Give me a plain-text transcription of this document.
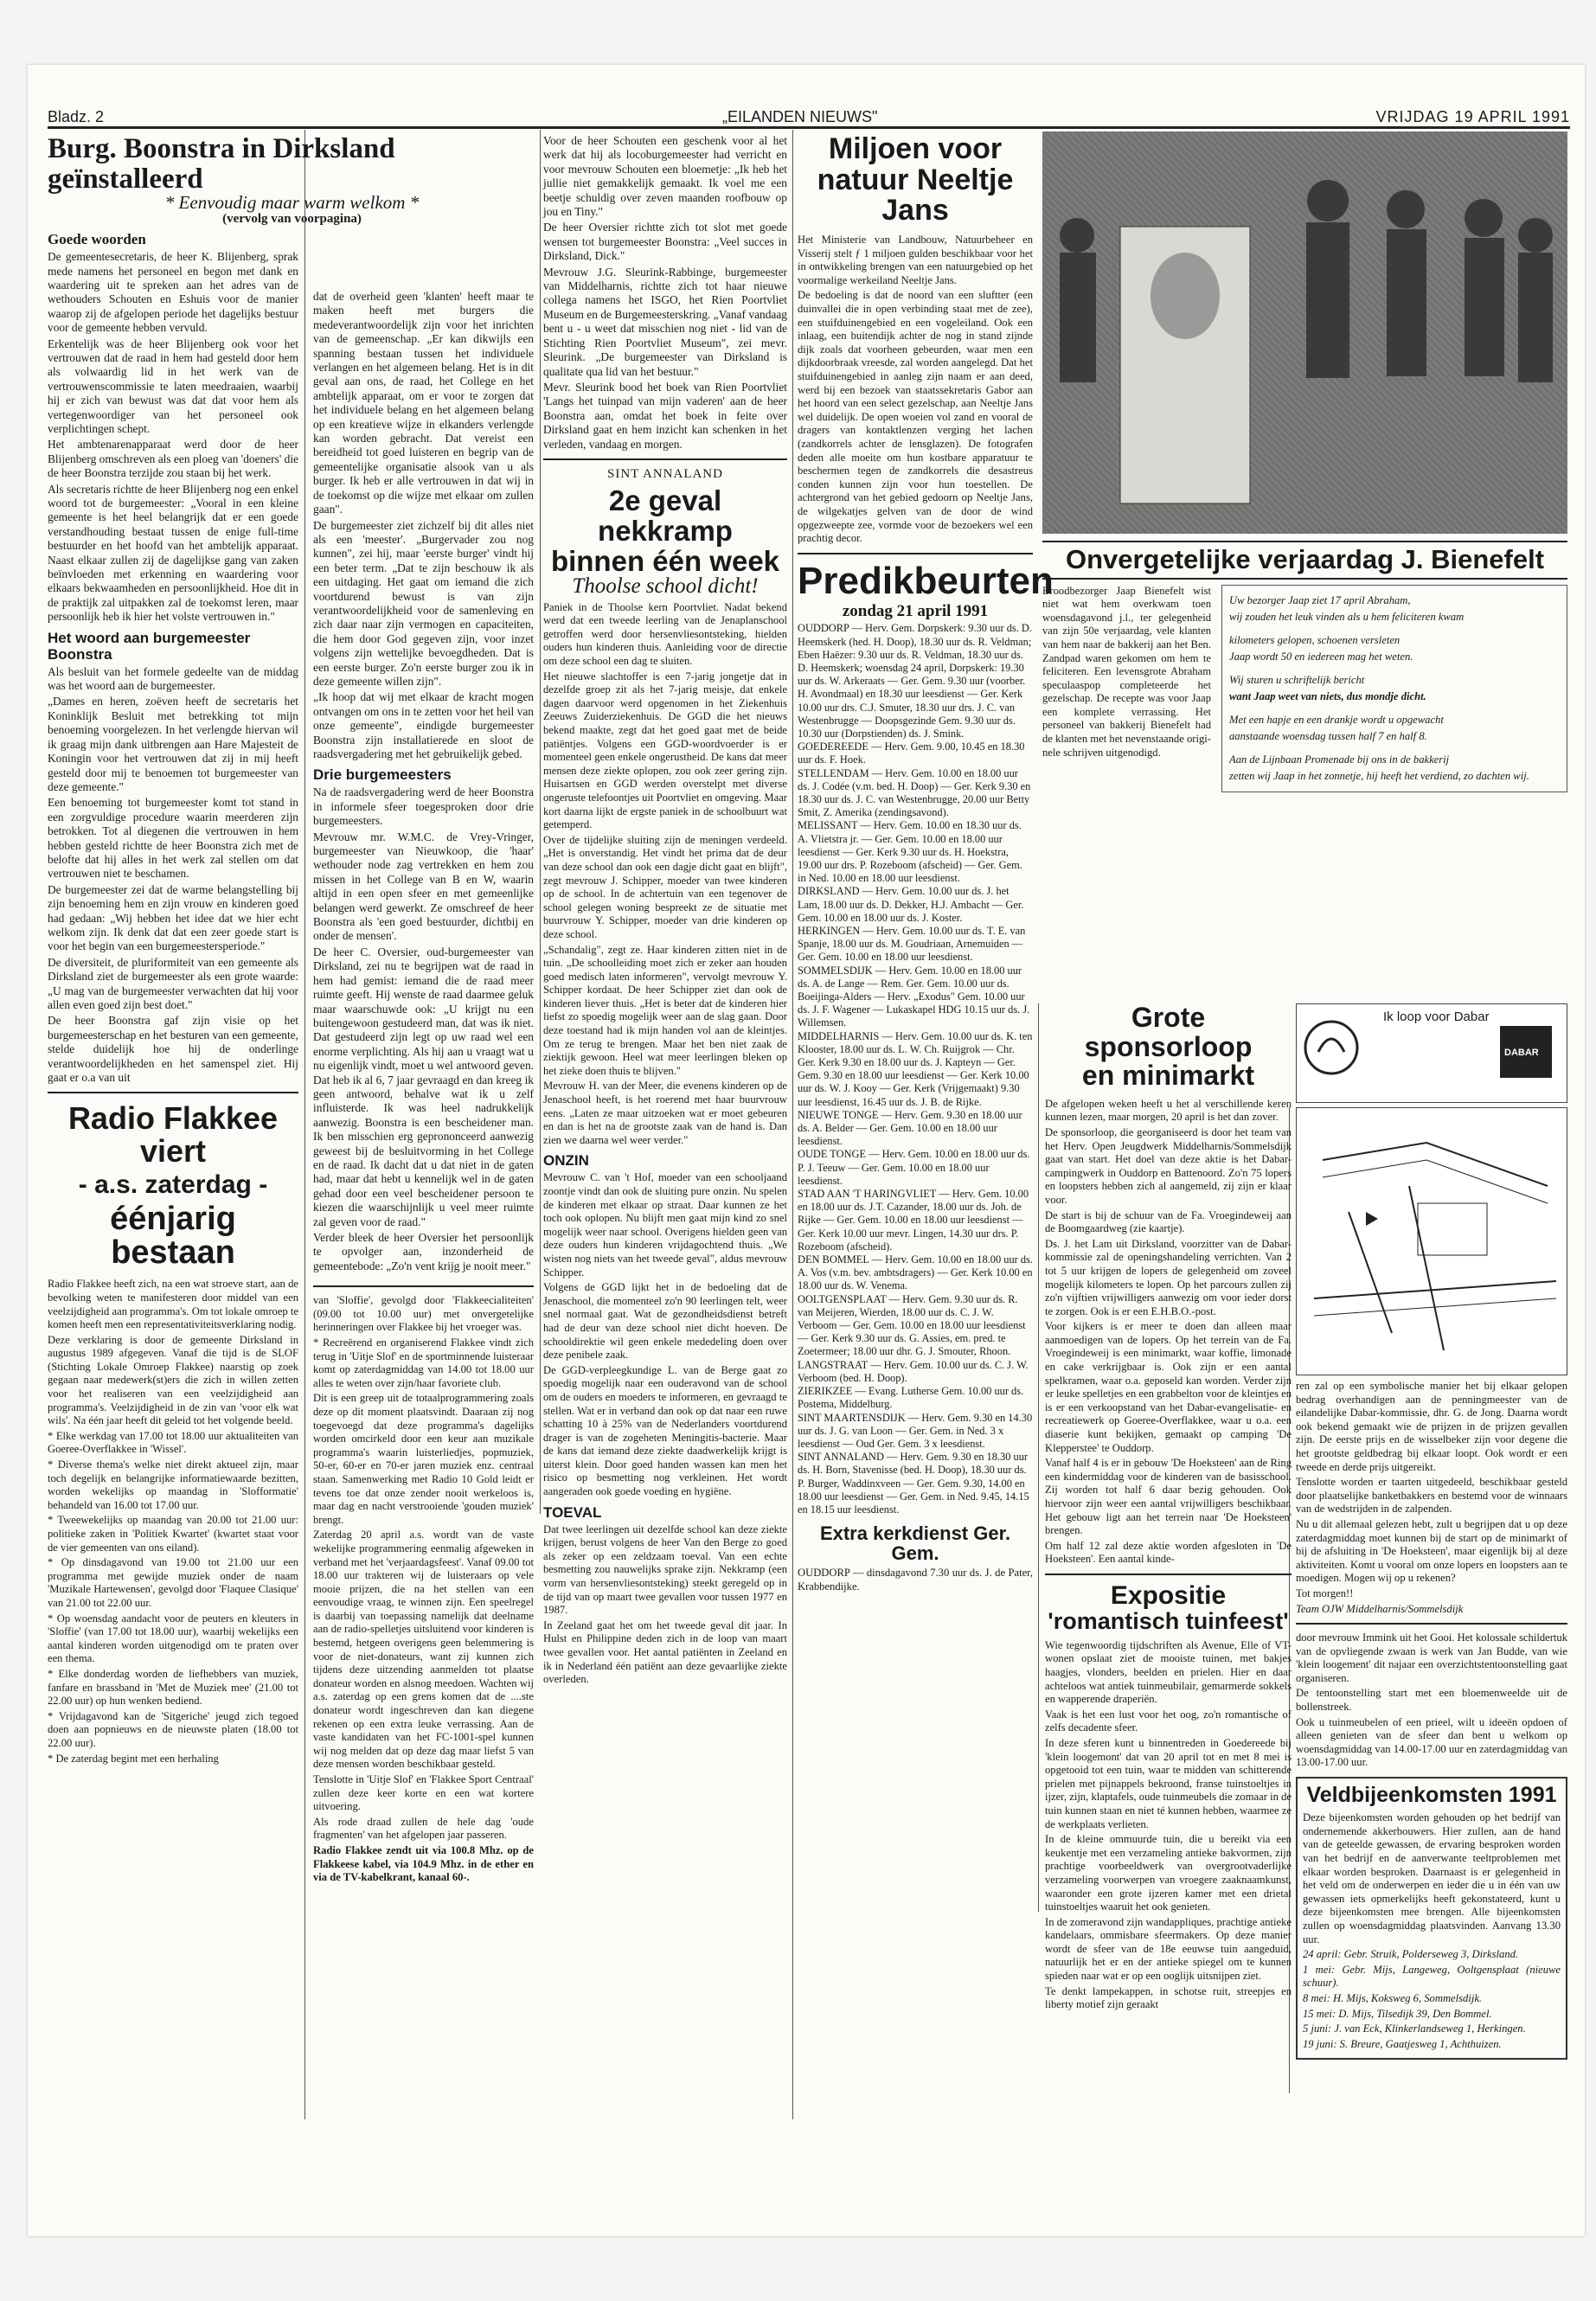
Bladz. 2	„EILANDEN NIEUWS"	VRIJDAG 19 APRIL 1991
Burg. Boonstra in Dirksland geïnstalleerd
* Eenvoudig maar warm welkom *
(vervolg van voorpagina)
Goede woorden

De gemeentesecretaris, de heer K. Blijenberg, sprak mede namens het personeel en begon met dank en waardering uit te spreken aan het adres van de wethouders Schouten en Eshuis voor de manier waarop zij de afgelopen periode het dagelijks bestuur voor de gemeente hebben vervuld.

Erkentelijk was de heer Blijenberg ook voor het vertrouwen dat de raad in hem had gesteld door hem als volwaardig lid in het werk van de vertrouwenscommissie te laten meedraaien, waarbij hij er zich van bewust was dat dat voor hem als vertegenwoordiger van het personeel ook verplichtingen schept.

Het ambtenarenapparaat werd door de heer Blijenberg omschreven als een ploeg van 'doeners' die de heer Boonstra terzijde zou staan bij het werk.

Als secretaris richtte de heer Blijenberg nog een enkel woord tot de burgemeester: „Vooral in een kleine gemeente is het heel belangrijk dat er een goede verstandhouding bestaat tussen de enige full-time bestuurder en het hoofd van het ambtelijk apparaat. Naast elkaar zullen zij de dagelijkse gang van zaken beïnvloeden met erkenning en waardering voor elkaars bekwaamheden en persoonlijkheid. Hoe dit in de praktijk zal uitpakken zal de toekomst leren, maar persoonlijk heb ik hier het volste vertrouwen in."

Het woord aan burgemeester Boonstra

Als besluit van het formele gedeelte van de middag was het woord aan de burgemeester.

„Dames en heren, zoëven heeft de secretaris het Koninklijk Besluit met betrekking tot mijn benoeming voorgelezen. In het verlengde hiervan wil ik graag mijn dank uitbrengen aan Hare Majesteit de Koningin voor het vertrouwen dat zij in mij heeft gesteld door mij te benoemen tot burgemeester van deze gemeente."

Een benoeming tot burgemeester komt tot stand in een zorgvuldige procedure waarin meerderen zijn betrokken. Tot al diegenen die vertrouwen in hem hebben gesteld richtte de heer Boonstra zich met de belofte dat hij alles in het werk zal stellen om dat vertrouwen niet te beschamen.

De burgemeester zei dat de warme belangstelling bij zijn benoeming hem en zijn vrouw en kinderen goed had gedaan: „Wij hebben het idee dat we hier echt welkom zijn. Ik denk dat dat een zeer goede start is voor het begin van een burgemeestersperiode."

De diversiteit, de pluriformiteit van een gemeente als Dirksland ziet de burgemeester als een grote waarde: „U mag van de burgemeester verwachten dat hij voor allen even goed zijn best doet."

De heer Boonstra gaf zijn visie op het burgemeesterschap en het besturen van een gemeente, stelde duidelijk hoe hij de onderlinge verantwoordelijkheden en het samenspel ziet. Hij gaat er o.a van uit

Radio Flakkee viert
- a.s. zaterdag -
éénjarig bestaan

Radio Flakkee heeft zich, na een wat stroeve start, aan de bevolking weten te manifesteren door middel van een veelzijdigheid aan programma's. Om tot lokale omroep te komen heeft men een representativiteitsverklaring nodig.

Deze verklaring is door de gemeente Dirksland in augustus 1989 afgegeven. Vanaf die tijd is de SLOF (Stichting Lokale Omroep Flakkee) naarstig op zoek gegaan naar medewerk(st)ers die zich in willen zetten voor het realiseren van een veelzijdigheid aan programma's. Veelzijdigheid in de zin van 'voor elk wat wils'. Na één jaar heeft dit geleid tot het volgende beeld.

* Elke werkdag van 17.00 tot 18.00 uur aktualiteiten van Goeree-Overflakkee in 'Wissel'.

* Diverse thema's welke niet direkt aktueel zijn, maar toch degelijk en belangrijke informatiewaarde bezitten, worden wekelijks op maandag in 'Slofformatie' behandeld van 16.00 tot 17.00 uur.

* Tweewekelijks op maandag van 20.00 tot 21.00 uur: politieke zaken in 'Politiek Kwartet' (kwartet staat voor de vier gemeenten van ons eiland).

* Op dinsdagavond van 19.00 tot 21.00 uur een programma met gewijde muziek onder de naam 'Muzikale Hartewensen', gevolgd door 'Flaquee Clasique' van 21.00 tot 22.00 uur.

* Op woensdag aandacht voor de peuters en kleuters in 'Sloffie' (van 17.00 tot 18.00 uur), waarbij wekelijks een aantal kinderen worden uitgenodigd om te praten over een thema.

* Elke donderdag worden de liefhebbers van muziek, fanfare en brassband in 'Met de Muziek mee' (21.00 tot 22.00 uur) op hun wenken bediend.

* Vrijdagavond kan de 'Sitgeriche' jeugd zich tegoed doen aan popnieuws en de nieuwste platen (18.00 tot 22.00 uur).

* De zaterdag begint met een herhaling

dat de overheid geen 'klanten' heeft maar te maken heeft met burgers die medeverantwoordelijk zijn voor het inrichten van de gemeenschap. „Er kan dikwijls een spanning bestaan tussen het individuele verlangen en het algemeen belang. Het is in dit geval aan ons, de raad, het College en het ambtelijk apparaat, om er voor te zorgen dat het individuele belang en het algemeen belang op een kreatieve wijze in elkanders verlengde kan worden gebracht. Dat vereist een bereidheid tot goed luisteren en begrip van de gemeentelijke organisatie alsook van u als burger. Ik heb er alle vertrouwen in dat wij in de toekomst op die wijze met elkaar om zullen gaan".

De burgemeester ziet zichzelf bij dit alles niet als een 'meester'. „Burgervader zou nog kunnen", zei hij, maar 'eerste burger' vindt hij een beter term. „Dat te zijn beschouw ik als een uitdaging. Het gaat om iemand die zich voortdurend bewust is van zijn verantwoordelijkheid voor de samenleving en zich daar naar zijn vermogen en capaciteiten, die hem door God gegeven zijn, voor inzet volgens zijn wettelijke bevoegdheden. Dat is een eerste burger. Zo'n eerste burger zou ik in deze gemeente willen zijn".

„Ik hoop dat wij met elkaar de kracht mogen ontvangen om ons in te zetten voor het heil van onze gemeente", eindigde burgemeester Boonstra zijn installatierede en sloot de raadsvergadering met het gebruikelijk gebed.

Drie burgemeesters

Na de raadsvergadering werd de heer Boonstra in informele sfeer toegesproken door drie burgemeesters.

Mevrouw mr. W.M.C. de Vrey-Vringer, burgemeester van Nieuwkoop, die 'haar' wethouder node zag vertrekken en hem zou missen in het College van B en W, waarin altijd in een open sfeer en met gemeenlijke belangen werd gewerkt. Ze omschreef de heer Boonstra als 'een goed bestuurder, dichtbij en onder de mensen'.

De heer C. Oversier, oud-burgemeester van Dirksland, zei nu te begrijpen wat de raad in hem had gemist: iemand die de raad meer ruimte geeft. Hij wenste de raad daarmee geluk maar waarschuwde ook: „U krijgt nu een buitengewoon gestudeerd man, dat was ik niet. Dat gestudeerd zijn legt op uw raad wel een enorme verplichting. Als hij aan u vraagt wat u nu eigenlijk vindt, moet u wel antwoord geven. Dat heb ik al 6, 7 jaar gevraagd en dan kreeg ik geen antwoord, behalve wat ik u zelf influisterde. Ik was heel nadrukkelijk aanwezig. Boonstra is een bescheidener man. Ik ben misschien erg geprononceerd aanwezig geweest bij de besluitvorming in het College en de raad. Ik dacht dat u dat niet in de gaten had, maar dat hebt u kennelijk wel in de gaten gehad door een veel bescheidener persoon te kiezen die waarschijnlijk u veel meer ruimte zal geven voor de raad."

Verder bleek de heer Oversier het persoonlijk te opvolger aan, inzonderheid de gemeentebode: „Zo'n vent krijg je nooit meer."

van 'Sloffie', gevolgd door 'Flakkeecialiteiten' (09.00 tot 10.00 uur) met onvergetelijke herinneringen over Flakkee bij het vroeger was.

* Recreërend en organiserend Flakkee vindt zich terug in 'Uitje Slof' en de sportminnende luisteraar komt op zaterdagmiddag van 14.00 tot 18.00 uur alles te weten over zijn/haar favoriete club.

Dit is een greep uit de totaalprogrammering zoals deze op dit moment plaatsvindt. Daaraan zij nog toegevoegd dat deze programma's dagelijks worden omcirkeld door een keur aan muzikale programma's waarin luisterliedjes, popmuziek, 50-er, 60-er en 70-er jaren muziek enz. centraal staan. Samenwerking met Radio 10 Gold leidt er tevens toe dat onze zender nooit werkeloos is, maar dag en nacht verstrooiende 'gouden muziek' brengt.

Zaterdag 20 april a.s. wordt van de vaste wekelijke programmering eenmalig afgeweken in verband met het 'verjaardagsfeest'. Vanaf 09.00 tot 18.00 uur trakteren wij de luisteraars op vele mooie prijzen, die na het stellen van een eenvoudige vraag, te winnen zijn. Een speelregel is daarbij van toepassing namelijk dat deelname aan de radio-spelletjes uitsluitend voor kinderen is bestemd, hetgeen overigens geen belemmering is voor de niet-donateurs, want zij kunnen zich tijdens deze uitzending aanmelden tot plaatse donateur worden en alsnog meedoen. Wachten wij a.s. zaterdag op een grens komen dat de ....ste donateur wordt ingeschreven dan kan diegene rekenen op een extra leuke verrassing. Aan de vaste kandidaten van het FC-1001-spel kunnen wij nog melden dat op deze dag maar liefst 5 van deze mensen worden beschikbaar gesteld.

Tenslotte in 'Uitje Slof' en 'Flakkee Sport Centraal' zullen deze keer korte en een wat kortere uitvoering.

Als rode draad zullen de hele dag 'oude fragmenten' van het afgelopen jaar passeren.

Radio Flakkee zendt uit via 100.8 Mhz. op de Flakkeese kabel, via 104.9 Mhz. in de ether en via de TV-kabelkrant, kanaal 60-.

Voor de heer Schouten een geschenk voor al het werk dat hij als locoburgemeester had verricht en voor mevrouw Schouten een bloemetje: „Ik heb het jullie niet gemakkelijk gemaakt. Ik voel me een beetje schuldig over zeven maanden roofbouw op jou en Tiny."

De heer Oversier richtte zich tot slot met goede wensen tot burgemeester Boonstra: „Veel succes in Dirksland, Dick."

Mevrouw J.G. Sleurink-Rabbinge, burgemeester van Middelharnis, richtte zich tot haar nieuwe collega namens het ISGO, het Rien Poortvliet Museum en de Burgemeesterskring. „Vanaf vandaag bent u - u weet dat misschien nog niet - lid van de Stichting Rien Poortvliet Museum", zei mevr. Sleurink. „De burgemeester van Dirksland is qualitate qua lid van het bestuur."

Mevr. Sleurink bood het boek van Rien Poortvliet 'Langs het tuinpad van mijn vaderen' aan de heer Boonstra aan, omdat het boek in feite over Dirksland gaat en hem inzicht kan schenken in het verleden, vandaag en morgen.

SINT ANNALAND
2e geval nekkramp
binnen één week
Thoolse school dicht!

Paniek in de Thoolse kern Poortvliet. Nadat bekend werd dat een tweede leerling van de Jenaplanschool getroffen werd door hersenvliesontsteking, hielden ouders hun kinderen thuis. Aanleiding voor de directie om deze school een dag te sluiten.

Het nieuwe slachtoffer is een 7-jarig jongetje dat in dezelfde groep zit als het 7-jarig meisje, dat enkele dagen daarvoor werd opgenomen in het Ziekenhuis Zeeuws Zuiderziekenhuis. De GGD die het nieuws bekend maakte, zegt dat het goed gaat met de beide patiëntjes. Volgens een GGD-woordvoerder is er momenteel geen enkele ongerustheid. De kans dat meer mensen deze ziekte oplopen, zou ook zeer gering zijn. Huisartsen en GGD werden overstelpt met diverse ongeruste telefoontjes uit Poortvliet en omgeving. Maar kort daarna lijkt de ergste paniek in de schoolbuurt wat getemperd.

Over de tijdelijke sluiting zijn de meningen verdeeld. „Het is onverstandig. Het vindt het prima dat de deur van deze school dan ook een dagje dicht gaat en blijft", zegt mevrouw J. Schipper, moeder van twee kinderen op de school. In de achtertuin van een tegenover de school gelegen woning bespreekt ze de situatie met buurvrouw Y. Schipper, moeder van drie kinderen op deze school.

„Schandalig", zegt ze. Haar kinderen zitten niet in de tuin. „De schoolleiding moet zich er zeker aan houden goed medisch laten informeren", vervolgt mevrouw Y. Schipper kordaat. De heer Schipper ziet dan ook de kinderen liever thuis. „Het is beter dat de kinderen hier liefst zo spoedig mogelijk weer aan de slag gaan. Door deze toestand had ik mijn handen vol aan de kleintjes. Om ze terug te brengen. Maar het ben niet zaak de ziektijk gewoon. Heel wat meer leerlingen bleken op het zieke doen thuis te blijven."

Mevrouw H. van der Meer, die evenens kinderen op de Jenaschool heeft, is het roerend met haar buurvrouw eens. „Laten ze maar uitzoeken wat er moet gebeuren en dan is het na de grootste zaak van de hand is. Dan zien we daarna wel weer verder."

ONZIN

Mevrouw C. van 't Hof, moeder van een schooljaand zoontje vindt dan ook de sluiting pure onzin. Nu spelen de kinderen met elkaar op straat. Daar kunnen ze het toch ook oplopen. Nu blijft men gaat mijn kind zo snel mogelijk weer naar school. Overigens hielden geen van deze ouders hun kinderen vrijdagochtend thuis. „We wisten nog niets van het tweede geval", aldus mevrouw Schipper.

Volgens de GGD lijkt het in de bedoeling dat de Jenaschool, die momenteel zo'n 90 leerlingen telt, weer snel normaal gaat. Wat de gezondheidsdienst betreft had de deur van deze school niet dicht hoeven. De schooldirektie wil geen enkele mededeling doen over deze penibele zaak.

De GGD-verpleegkundige L. van de Berge gaat zo spoedig mogelijk naar een ouderavond van de school om de ouders en moeders te informeren, en gevraagd te stellen. Wat er in verband dan ook op dat naar een ruwe schatting 10 à 25% van de Nederlanders voortdurend drager is van de zogeheten Meningitis-bacterie. Maar de kans dat iemand deze ziekte daadwerkelijk krijgt is uiterst klein. Door goed handen wassen kan men het risico op besmetting nog verkleinen. Het wordt aangeraden ook goede voeding en hygiëne.

TOEVAL

Dat twee leerlingen uit dezelfde school kan deze ziekte krijgen, berust volgens de heer Van den Berge zo goed als zeker op een zeldzaam toeval. Van een echte besmetting zou nauwelijks sprake zijn. Nekkramp (een vorm van hersenvliesontsteking) steekt geregeld op in de tijd van op maart twee gevallen voor tussen 1977 en 1987.

In Zeeland gaat het om het tweede geval dit jaar. In Hulst en Philippine deden zich in de loop van maart twee gevallen voor. Het aantal patiënten in Zeeland en ik in Nederland één patiënt aan deze gevaarlijke ziekte overleden.

Miljoen voor
natuur Neeltje Jans

Het Ministerie van Landbouw, Natuurbeheer en Visserij stelt ƒ 1 miljoen gulden beschikbaar voor het in ontwikkeling brengen van een natuurgebied op het voormalige werkeiland Neeltje Jans.

De bedoeling is dat de noord van een sluftter (een duinvallei die in open verbinding staat met de zee), een stuifduinengebied en een vogeleiland. Ook een inlaag, een buitendijk achter de nog in stand zijnde dijk zoals dat voorheen gebeurden, waar men een dijkdoorbraak vreesde, zal worden aangelegd. Dat het stuifduinengebied in aanleg zijn naam er aan deed, werd bij een bezoek van staatssekretaris Gabor aan het hoord van een select gezelschap, aan Neeltje Jans wel duidelijk. De open woeien vol zand en vooral de dragers van kontaktlenzen verging het lachen (zandkorrels achter de lensglazen). De fotografen deden alle moeite om hun kostbare apparatuur te beschermen tegen de zandkorrels die desastreus conden kunnen zijn voor hun toestellen. De achtergrond van het gebied gedoorn op Neeltje Jans, de wilgekatjes gelven van de door de wind opgezweepte zee, vormde voor de bezoekers wel een prachtig decor.

Predikbeurten
zondag 21 april 1991
OUDDORP — Herv. Gem. Dorpskerk: 9.30 uur ds. D. Heemskerk (hed. H. Doop), 18.30 uur ds. R. Veldman; Eben Haëzer: 9.30 uur ds. R. Veldman, 18.30 uur ds. D. Heemskerk; woensdag 24 april, Dorpskerk: 19.30 uur ds. W. Arkeraats — Ger. Gem. 9.30 uur (voorber. H. Avondmaal) en 18.30 uur leesdienst — Ger. Kerk 10.00 uur drs. C.J. Smuter, 18.30 uur drs. J. C. van Westenbrugge — Doopsgezinde Gem. 9.30 uur ds. 10.30 uur (Dorpstienden) ds. J. Smink.
GOEDEREEDE — Herv. Gem. 9.00, 10.45 en 18.30 uur ds. F. Hoek.
STELLENDAM — Herv. Gem. 10.00 en 18.00 uur ds. J. Codée (v.m. bed. H. Doop) — Ger. Kerk 9.30 en 18.30 uur ds. J. C. van Westenbrugge, 20.00 uur Betty Smit, Z. Amerika (zendingsavond).
MELISSANT — Herv. Gem. 10.00 en 18.30 uur ds. A. Vlietstra jr. — Ger. Gem. 10.00 en 18.00 uur leesdienst — Ger. Kerk 9.30 uur ds. H. Hoekstra, 19.00 uur drs. P. Rozeboom (afscheid) — Ger. Gem. in Ned. 10.00 en 18.00 uur leesdienst.
DIRKSLAND — Herv. Gem. 10.00 uur ds. J. het Lam, 18.00 uur ds. D. Dekker, H.J. Ambacht — Ger. Gem. 10.00 en 18.00 uur ds. J. Koster.
HERKINGEN — Herv. Gem. 10.00 uur ds. T. E. van Spanje, 18.00 uur ds. M. Goudriaan, Arnemuiden — Ger. Gem. 10.00 en 18.00 uur leesdienst.
SOMMELSDIJK — Herv. Gem. 10.00 en 18.00 uur ds. A. de Lange — Rem. Ger. Gem. 10.00 uur ds. Boeijinga-Alders — Herv. „Exodus" Gem. 10.00 uur ds. J. F. Wagener — Lukaskapel HDG 10.15 uur ds. J. Willemsen.
MIDDELHARNIS — Herv. Gem. 10.00 uur ds. K. ten Klooster, 18.00 uur ds. L. W. Ch. Ruijgrok — Chr. Ger. Kerk 9.30 en 18.00 uur ds. J. Kapteyn — Ger. Gem. 9.30 en 18.00 uur leesdienst — Ger. Kerk 10.00 uur ds. W. J. Kooy — Ger. Kerk (Vrijgemaakt) 9.30 uur leesdienst, 16.45 uur ds. J. B. de Rijke.
NIEUWE TONGE — Herv. Gem. 9.30 en 18.00 uur ds. A. Belder — Ger. Gem. 10.00 en 18.00 uur leesdienst.
OUDE TONGE — Herv. Gem. 10.00 en 18.00 uur ds. P. J. Teeuw — Ger. Gem. 10.00 en 18.00 uur leesdienst.
STAD AAN 'T HARINGVLIET — Herv. Gem. 10.00 en 18.00 uur ds. J.T. Cazander, 18.00 uur ds. Joh. de Rijke — Ger. Gem. 10.00 en 18.00 uur leesdienst — Ger. Kerk 10.00 uur mevr. Lingen, 14.30 uur drs. P. Rozeboom (afscheid).
DEN BOMMEL — Herv. Gem. 10.00 en 18.00 uur ds. A. Vos (v.m. bev. ambtsdragers) — Ger. Kerk 10.00 en 18.00 uur ds. W. Venema.
OOLTGENSPLAAT — Herv. Gem. 9.30 uur ds. R. van Meijeren, Wierden, 18.00 uur ds. C. J. W. Verboom — Ger. Gem. 10.00 en 18.00 uur leesdienst — Ger. Kerk 9.30 uur ds. G. Assies, em. pred. te Zoetermeer; 18.00 uur dhr. G. J. Smouter, Rhoon.
LANGSTRAAT — Herv. Gem. 10.00 uur ds. C. J. W. Verboom (bed. H. Doop).
ZIERIKZEE — Evang. Lutherse Gem. 10.00 uur ds. Postema, Middelburg.
SINT MAARTENSDIJK — Herv. Gem. 9.30 en 14.30 uur ds. J. G. van Loon — Ger. Gem. in Ned. 3 x leesdienst — Oud Ger. Gem. 3 x leesdienst.
SINT ANNALAND — Herv. Gem. 9.30 en 18.30 uur ds. H. Born, Stavenisse (bed. H. Doop), 18.30 uur ds. P. Burger, Waddinxveen — Ger. Gem. 9.30, 14.00 en 18.00 uur leesdienst — Ger. Gem. in Ned. 9.45, 14.15 en 18.15 uur leesdienst.
Extra kerkdienst Ger. Gem.

OUDDORP — dinsdagavond 7.30 uur ds. J. de Pater, Krabbendijke.

Onvergetelijke verjaardag J. Bienefelt
Broodbezorger Jaap Bienefelt wist niet wat hem overkwam toen woensdagavond j.l., ter gelegenheid van zijn 50e verjaardag, vele klanten van hem naar de bakkerij aan het Ben. Zandpad waren gekomen om hem te feliciteren. Een levensgrote Abraham speculaaspop completeerde het gezelschap. De recepte was voor Jaap een komplete verrassing. Het personeel van bakkerij Bienefelt had de klanten met het nevenstaande originele schrijven uitgenodigd.
Uw bezorger Jaap ziet 17 april Abraham,
wij zouden het leuk vinden als u hem feliciteren kwam
kilometers gelopen, schoenen versleten
Jaap wordt 50 en iedereen mag het weten.
Wij sturen u schriftelijk bericht
want Jaap weet van niets, dus mondje dicht.
Met een hapje en een drankje wordt u opgewacht
aanstaande woensdag tussen half 7 en half 8.
Aan de Lijnbaan Promenade bij ons in de bakkerij
zetten wij Jaap in het zonnetje, hij heeft het verdiend, zo dachten wij.
Grote sponsorloop
en minimarkt

De afgelopen weken heeft u het al verschillende keren kunnen lezen, maar morgen, 20 april is het dan zover.

De sponsorloop, die georganiseerd is door het team van het Herv. Open Jeugdwerk Middelharnis/Sommelsdijk gaat van start. Het doel van deze aktie is het Dabar-campingwerk in Ouddorp en Battenoord. Zo'n 75 lopers en loopsters hebben zich al aangemeld, zij zijn er klaar voor.

De start is bij de schuur van de Fa. Vroegindeweij aan de Boomgaardweg (zie kaartje).

Ds. J. het Lam uit Dirksland, voorzitter van de Dabar-kommissie zal de openingshandeling verrichten. Van 2 tot 5 uur krijgen de lopers de gelegenheid om zoveel mogelijk kilometers te lopen. Op het parcours zullen zij zo'n vijftien vrijwilligers aanwezig om voor ieder dorst te zorgen. Ook is er een E.H.B.O.-post.

Voor kijkers is er meer te doen dan alleen maar aanmoedigen van de lopers. Op het terrein van de Fa. Vroegindeweij is een minimarkt, waar koffie, limonade en cake verkrijgbaar is. Ook zijn er een aantal spelkramen, waar o.a. geposeld kan worden. Verder zijn er leuke spelletjes en een grabbelton voor de kleintjes en is er een verkoopstand van het Dabar-evangelisatie- en recreatiewerk op Goeree-Overflakkee, waar u o.a. een diaserie kunt bekijken, gemaakt op camping 'De Klepperstee' te Ouddorp.

Vanaf half 4 is er in gebouw 'De Hoeksteen' aan de Ring een kindermiddag voor de kinderen van de basisschool. Zij worden tot half 6 daar bezig gehouden. Ook hiervoor zijn weer een aantal vrijwilligers beschikbaar. Het gebouw ligt aan het terrein naar 'De Hoeksteen' brengen.

Om half 12 zal deze aktie worden afgesloten in 'De Hoeksteen'. Een aantal kinde-

Expositie
'romantisch tuinfeest'

Wie tegenwoordig tijdschriften als Avenue, Elle of VT-wonen opslaat ziet de mooiste tuinen, met bakjes haagjes, vlonders, beelden en prielen. Hier en daar achteloos wat antiek tuinmeubilair, gemarmerde sokkels en wapperende draperiën.

Vaak is het een lust voor het oog, zo'n romantische of zelfs decadente sfeer.

In deze sferen kunt u binnentreden in Goedereede bij 'klein loogemont' dat van 20 april tot en met 8 mei is opgetooid tot een tuin, waar te midden van schitterende prielen met pijnappels bekroond, franse tuinstoeltjes in ijzer, zijn, klaptafels, oude tuinmeubels die zomaar in de tuin kunnen staan en niet té kunnen hebben, waarmee ze de werkplaats verlieten.

In de kleine ommuurde tuin, die u bereikt via een keukentje met een verzameling antieke bakvormen, zijn prachtige voorbeeldwerk van overgrootvaderlijke verzameling voorwerpen van vroegere zaaknaamkunst, waaronder een grote ijzeren kamer met een drietal tuinstoeltjes waaruit het ook genieten.

In de zomeravond zijn wandappliques, prachtige antieke kandelaars, ommisbare sfeermakers. Op deze manier wordt de sfeer van de 18e eeuwse tuin aangeduid, natuurlijk het er en der antieke spiegel om te kunnen spieden naar wat er op een ooglijk uitsnijpen ziet.

Te denkt lampekappen, in schotse ruit, streepjes en liberty motief zijn geraakt

Ik loop voor Dabar
DABAR

ren zal op een symbolische manier het bij elkaar gelopen bedrag overhandigen aan de penningmeester van de eilandelijke Dabar-kommissie, dhr. G. de Jong. Daarna wordt ook bekend gemaakt wie de prijzen in de prijzen gevallen zijn. De eerste prijs en de wisselbeker zijn voor degene die het grootste geldbedrag bij elkaar loopt. Ook wordt er een tweede en derde prijs uitgereikt.

Tenslotte worden er taarten uitgedeeld, beschikbaar gesteld door plaatselijke banketbakkers en bestemd voor de winnaars van de wedstrijden in de zalpenden.

Nu u dit allemaal gelezen hebt, zult u begrijpen dat u op deze zaterdagmiddag moet kunnen bij de start op de minimarkt of bij de afsluiting in 'De Hoeksteen', maar eigenlijk bij al deze aktiviteiten. Komt u vooral om onze lopers en loopsters aan te moedigen. Mogen wij op u rekenen?

Tot morgen!!

Team OJW Middelharnis/Sommelsdijk

door mevrouw Immink uit het Gooi. Het kolossale schildertuk van de opvliegende zwaan is werk van Jan Budde, van wie 'klein loogement' dit najaar een overzichtstentoonstelling gaat organiseren.

De tentoonstelling start met een bloemenweelde uit de bollenstreek.

Ook u tuinmeubelen of een prieel, wilt u ideeën opdoen of alleen genieten van de sfeer dan bent u welkom op woensdagmiddag van 14.00-17.00 uur en zaterdagmiddag van 13.00-17.00 uur.

Veldbijeenkomsten 1991

Deze bijeenkomsten worden gehouden op het bedrijf van ondernemende akkerbouwers. Hier zullen, aan de hand van de geteelde gewassen, de ervaring besproken worden van het bedrijf en de aanverwante teeltproblemen met elkaar worden besproken. Daarnaast is er gelegenheid in het veld om de onderwerpen en ieder die u in één van uw gewassen iets opmerkelijks heeft gekonstateerd, kunt u deze bijeenkomsten mee brengen. Alle bijeenkomsten zullen op woensdagmiddag plaatsvinden. Aanvang 13.30 uur.

24 april: Gebr. Struik, Polderseweg 3, Dirksland.

1 mei: Gebr. Mijs, Langeweg, Ooltgensplaat (nieuwe schuur).

8 mei: H. Mijs, Koksweg 6, Sommelsdijk.

15 mei: D. Mijs, Tilsedijk 39, Den Bommel.

5 juni: J. van Eck, Klinkerlandseweg 1, Herkingen.

19 juni: S. Breure, Gaatjesweg 1, Achthuizen.
